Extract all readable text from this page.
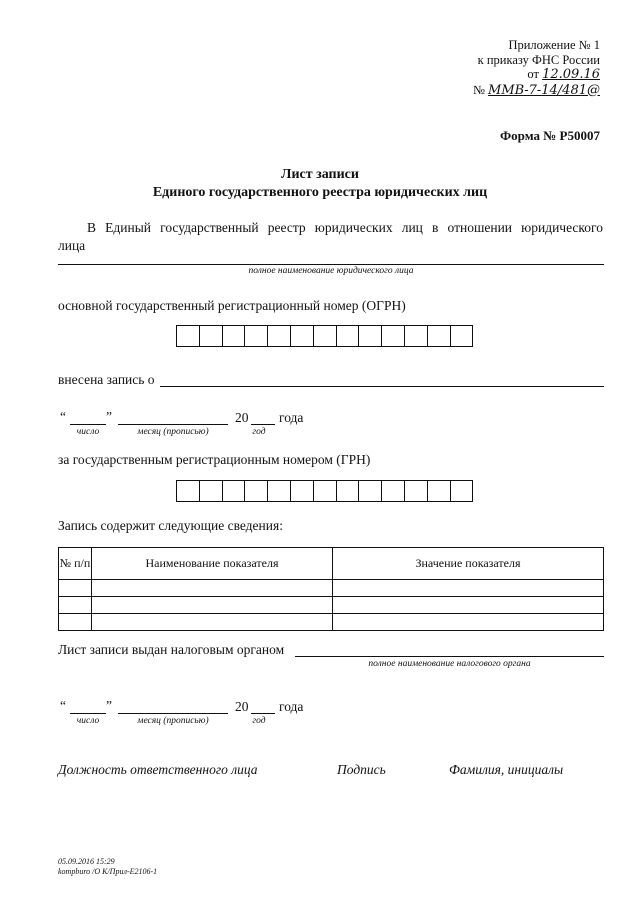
Приложение № 1
к приказу ФНС России
от 12.09.16
№ ММВ-7-14/481@
Форма № Р50007
Лист записи
Единого государственного реестра юридических лиц
В Единый государственный реестр юридических лиц в отношении юридического
лица
полное наименование юридического лица
основной государственный регистрационный номер (ОГРН)
внесена запись о
“	”	20 года
число	месяц (прописью)	год
за государственным регистрационным номером (ГРН)
Запись содержит следующие сведения:
№ п/п	Наименование показателя	Значение показателя

Лист записи выдан налоговым органом
полное наименование налогового органа
“	”	20 года
число	месяц (прописью)	год
Должность ответственного лица	Подпись	Фамилия, инициалы
05.09.2016 15:29
kompburo /О К/Прил-Е2106-1
